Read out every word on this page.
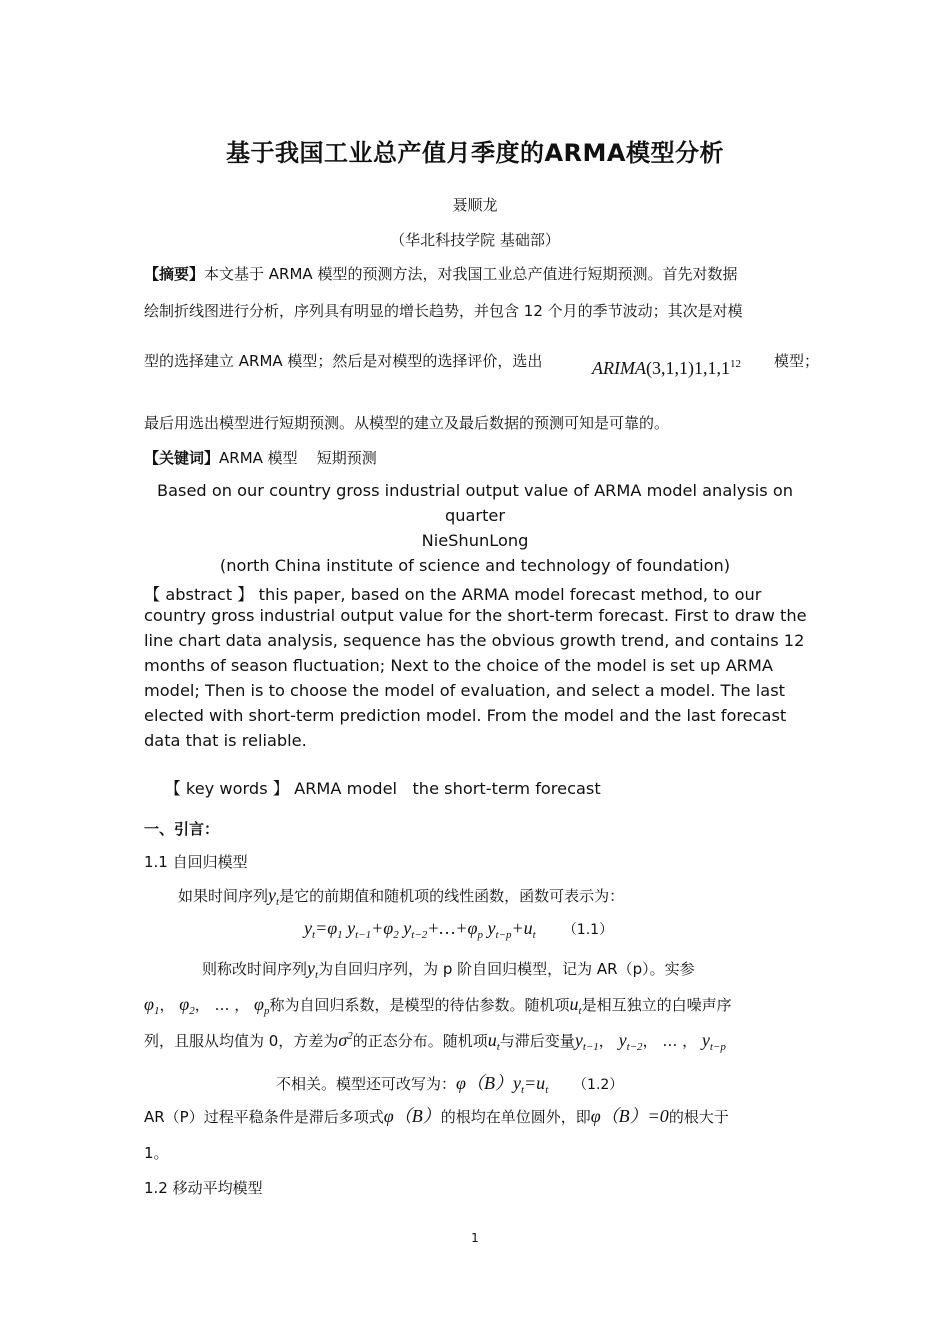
基于我国工业总产值月季度的ARMA模型分析
聂顺龙
（华北科技学院 基础部）
【摘要】本文基于 ARMA 模型的预测方法，对我国工业总产值进行短期预测。首先对数据
绘制折线图进行分析，序列具有明显的增长趋势，并包含 12 个月的季节波动；其次是对模
型的选择建立 ARMA 模型；然后是对模型的选择评价，选出	ARIMA(3,1,1)1,1,1$^{12}$ 模型；
最后用选出模型进行短期预测。从模型的建立及最后数据的预测可知是可靠的。
【关键词】ARMA 模型    短期预测
Based on our country gross industrial output value of ARMA model analysis on
quarter
NieShunLong
(north China institute of science and technology of foundation)
【 abstract 】 this paper, based on the ARMA model forecast method, to our
country gross industrial output value for the short-term forecast. First to draw the
line chart data analysis, sequence has the obvious growth trend, and contains 12
months of season fluctuation; Next to the choice of the model is set up ARMA
model; Then is to choose the model of evaluation, and select a model. The last
elected with short-term prediction model. From the model and the last forecast
data that is reliable.

【 key words 】 ARMA model   the short-term forecast

一、引言：
1.1 自回归模型
如果时间序列$y_t$是它的前期值和随机项的线性函数，函数可表示为：
$y_t=\varphi_1$ $y_{t-1}+\varphi_2$ $y_{t-2}+\dots+\varphi_p$ $y_{t-p}+u_t$ （1.1）
则称改时间序列$y_t$为自回归序列，为 p 阶自回归模型，记为 AR（p）。实参
$\varphi_1$， $\varphi_2$， … ， $\varphi_p$称为自回归系数，是模型的待估参数。随机项$u_t$是相互独立的白噪声序
列，且服从均值为 0，方差为$\sigma^2$的正态分布。随机项$u_t$与滞后变量$y_{t-1}$， $y_{t-2}$， … ， $y_{t-p}$
不相关。模型还可改写为：$\varphi(B)y_t=u_t$ （1.2）
AR（P）过程平稳条件是滞后多项式φ（B）的根均在单位圆外，即φ（B）=0的根大于
1。
1.2 移动平均模型
1
